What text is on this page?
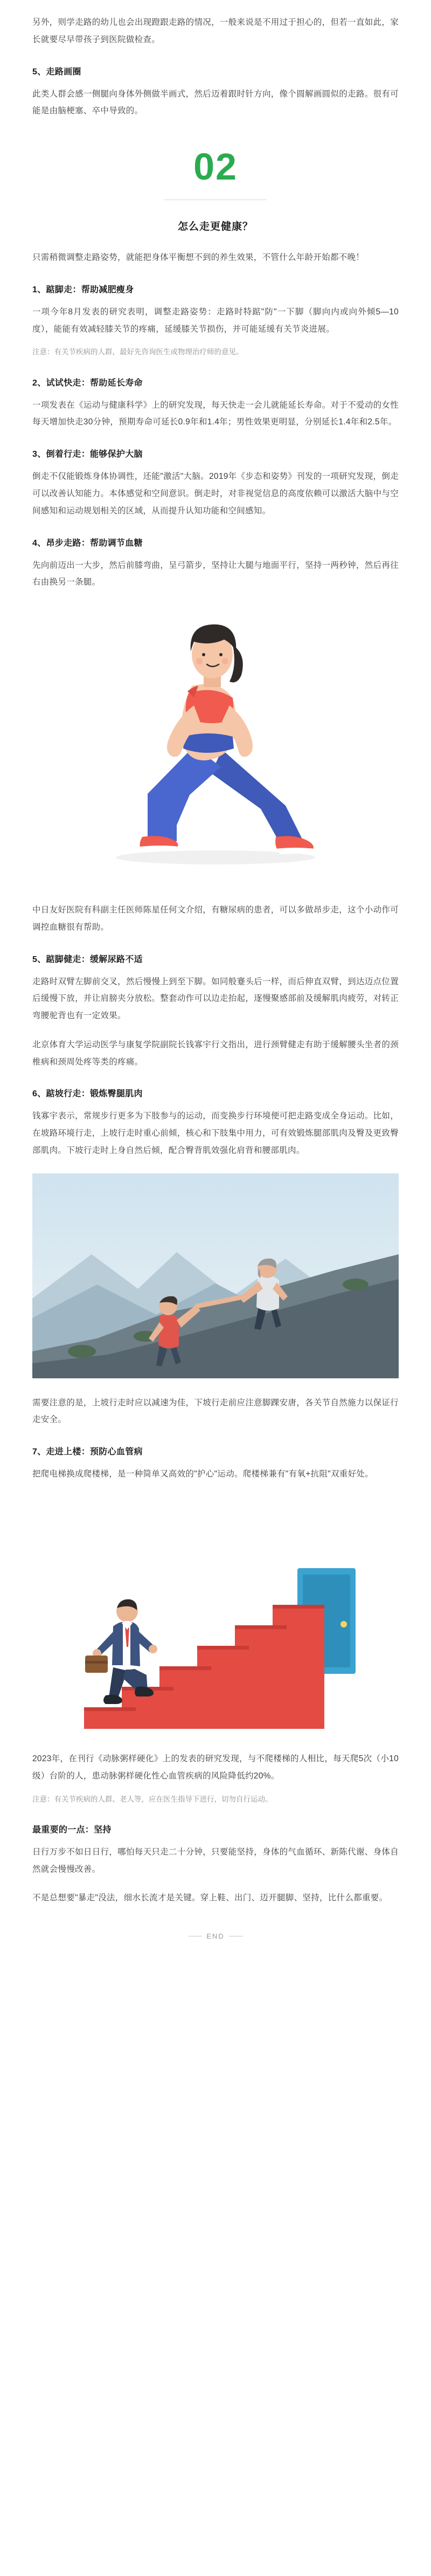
另外，则学走路的幼儿也会出现蹬跟走路的情况，一般来说是不用过于担心的，但若一直如此，家长就要尽早带孩子到医院做检查。

5、走路画圈

此类人群会感一侧腿向身体外侧做半画式，然后迈着跟时针方向，像个圆解画圆似的走路。很有可能是由脑梗塞、卒中导致的。

02
怎么走更健康？

只需稍微调整走路姿势，就能把身体平衡想不到的养生效果，不管什么年龄开始都不晚！

1、踮脚走：帮助减肥瘦身

一项今年8月发表的研究表明，调整走路姿势：走路时特踮"防"一下脚（脚向内或向外倾5—10度），能能有效减轻膝关节的疼痛，延缓膝关节损伤，并可能延缓有关节炎进展。

注意：有关节疾病的人群，最好先咨询医生或物理治疗师的意见。

2、试试快走：帮助延长寿命

一项发表在《运动与健康科学》上的研究发现，每天快走一会儿就能延长寿命。对于不爱动的女性每天增加快走30分钟，预期寿命可延长0.9年和1.4年；男性效果更明显，分别延长1.4年和2.5年。

3、倒着行走：能够保护大脑

倒走不仅能锻炼身体协调性，还能"激活"大脑。2019年《步态和姿势》刊发的一项研究发现，倒走可以改善认知能力。本体感觉和空间意识。倒走时，对非视觉信息的高度依赖可以激活大脑中与空间感知和运动规划相关的区域，从而提升认知功能和空间感知。

4、昂步走路：帮助调节血糖

先向前迈出一大步，然后前膝弯曲，呈弓箭步，坚持让大腿与地面平行，坚持一两秒钟，然后再往右由换另一条腿。

中日友好医院有科副主任医师陈星任何文介绍，有糖尿病的患者，可以多做昂步走，这个小动作可调控血糖很有帮助。

5、踮脚健走：缓解尿路不适

走路时双臂左脚前交叉，然后慢慢上到至下脚。如同般蹇头后一样，而后伸直双臂，到达迈点位置后缓慢下放，并让肩膀夹分放松。整套动作可以边走抬起，逐慢聚感部前及缓解肌肉疲劳，对转正弯腰驼背也有一定效果。

北京体育大学运动医学与康复学院副院长钱寡宇行文指出，进行颈臂健走有助于缓解腰头坐者的颈椎病和颈周处疼等类的疼痛。

6、踮坡行走：锻炼臀腿肌肉

钱寡宇表示，常规步行更多为下肢参与的运动，而变换步行环境便可把走路变成全身运动。比如，在坡路环境行走，上坡行走时重心前倾，核心和下肢集中用力，可有效锻炼腿部肌肉及臀及更致臀部肌肉。下坡行走时上身自然后倾，配合臀背肌效强化肩背和腰部肌肉。

需要注意的是，上坡行走时应以减速为佳，下坡行走前应注意脚踝安唐，各关节自然施力以保证行走安全。

7、走进上楼：预防心血管病

把爬电梯换成爬楼梯，是一种简单又高效的"护心"运动。爬楼梯兼有"有氧+抗阻"双重好处。

2023年，在刊行《动脉粥样硬化》上的发表的研究发现，与不爬楼梯的人相比，每天爬5次（小10级）台阶的人，患动脉粥样硬化性心血管疾病的风险降低约20%。

注意：有关节疾病的人群、老人等，应在医生指导下进行，切勿自行运动。

最重要的一点：坚持

日行万步不如日日行，哪怕每天只走二十分钟，只要能坚持，身体的气血循环、新陈代谢、身体自然就会慢慢改善。

不是总想要"暴走"没法，细水长流才是关键。穿上鞋、出门、迈开腿脚、坚持，比什么都重要。

END
